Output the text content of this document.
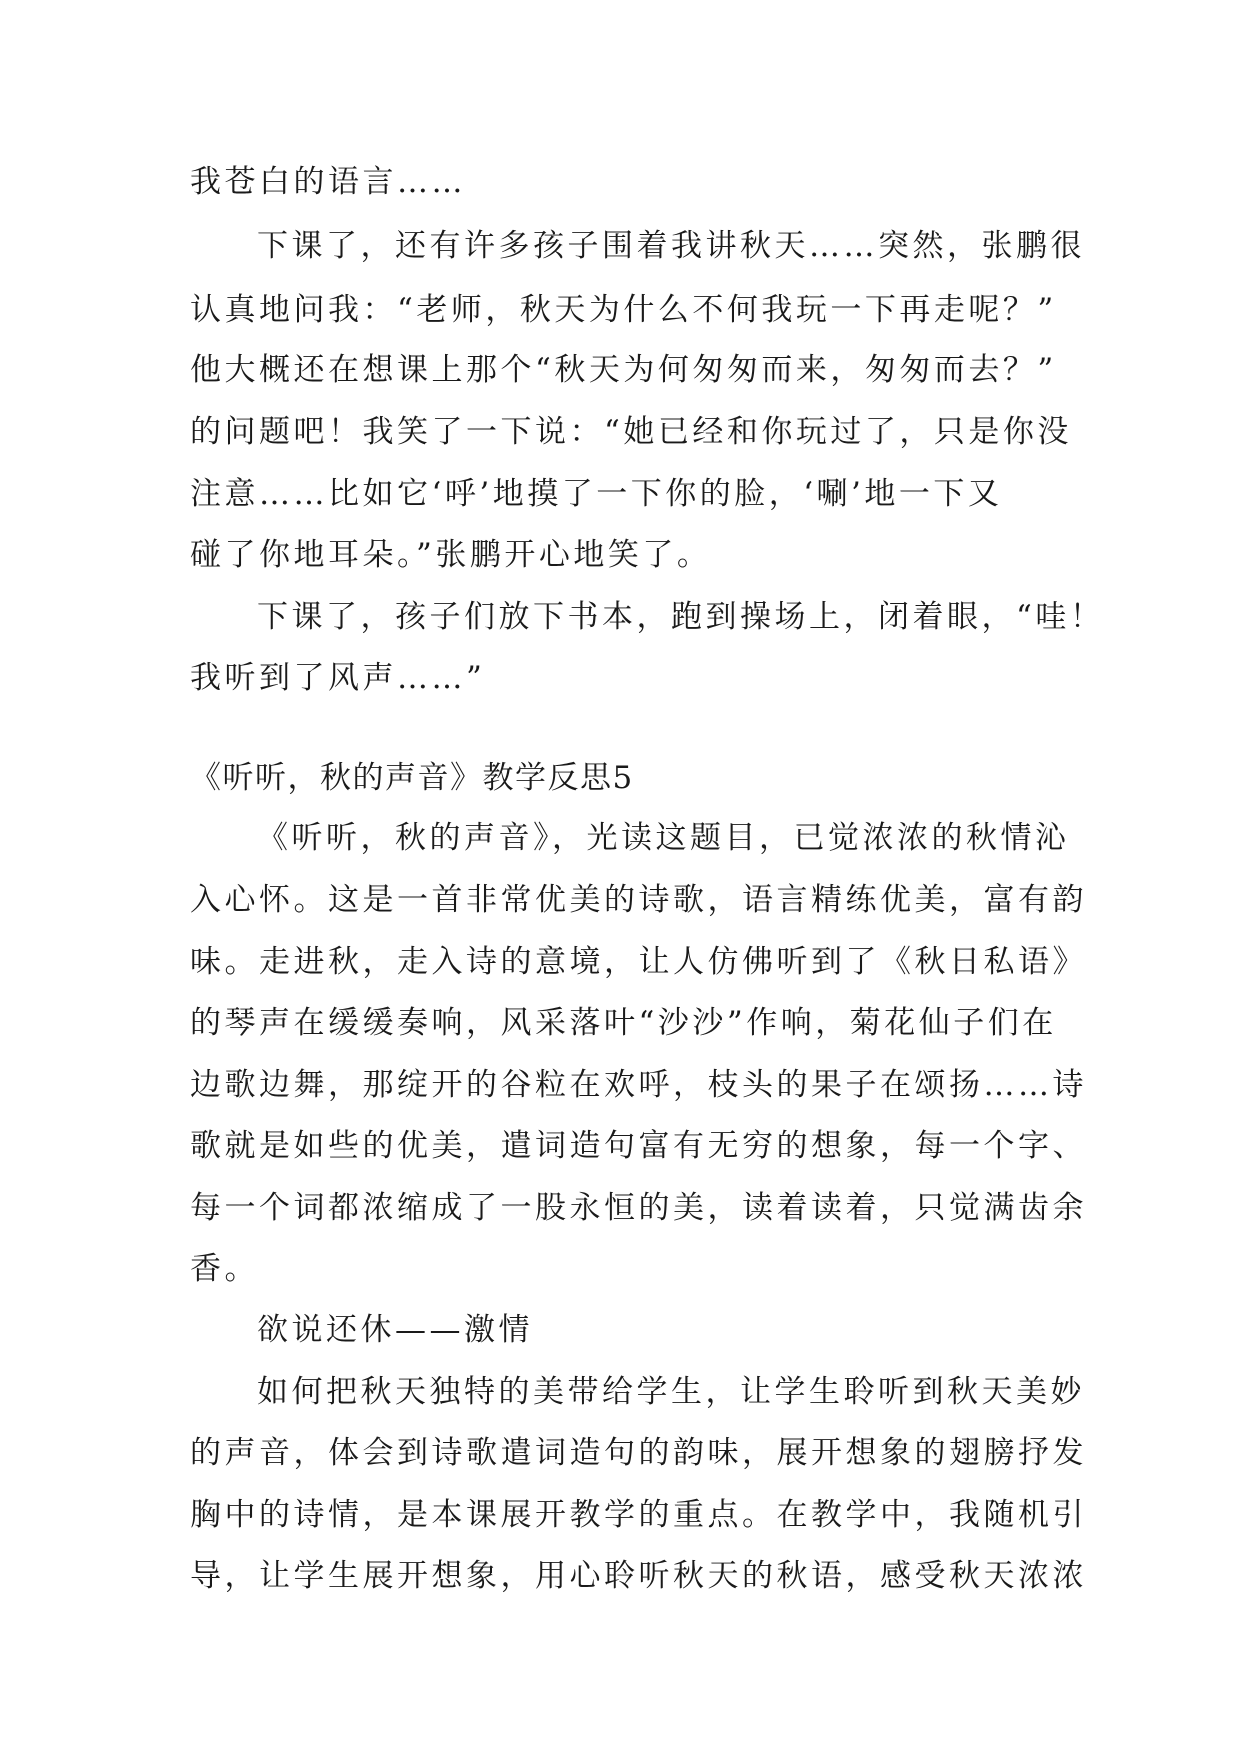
我苍白的语言……
下课了，还有许多孩子围着我讲秋天……突然，张鹏很
认真地问我：“老师，秋天为什么不何我玩一下再走呢？”
他大概还在想课上那个“秋天为何匆匆而来，匆匆而去？”
的问题吧！我笑了一下说：“她已经和你玩过了，只是你没
注意……比如它‘呼’地摸了一下你的脸，‘唰’地一下又
碰了你地耳朵。”张鹏开心地笑了。
下课了，孩子们放下书本，跑到操场上，闭着眼，“哇！
我听到了风声……”
《听听，秋的声音》教学反思5
《听听，秋的声音》，光读这题目，已觉浓浓的秋情沁
入心怀。这是一首非常优美的诗歌，语言精练优美，富有韵
味。走进秋，走入诗的意境，让人仿佛听到了《秋日私语》
的琴声在缓缓奏响，风采落叶“沙沙”作响，菊花仙子们在
边歌边舞，那绽开的谷粒在欢呼，枝头的果子在颂扬……诗
歌就是如些的优美，遣词造句富有无穷的想象，每一个字、
每一个词都浓缩成了一股永恒的美，读着读着，只觉满齿余
香。
欲说还休——激情
如何把秋天独特的美带给学生，让学生聆听到秋天美妙
的声音，体会到诗歌遣词造句的韵味，展开想象的翅膀抒发
胸中的诗情，是本课展开教学的重点。在教学中，我随机引
导，让学生展开想象，用心聆听秋天的秋语，感受秋天浓浓
